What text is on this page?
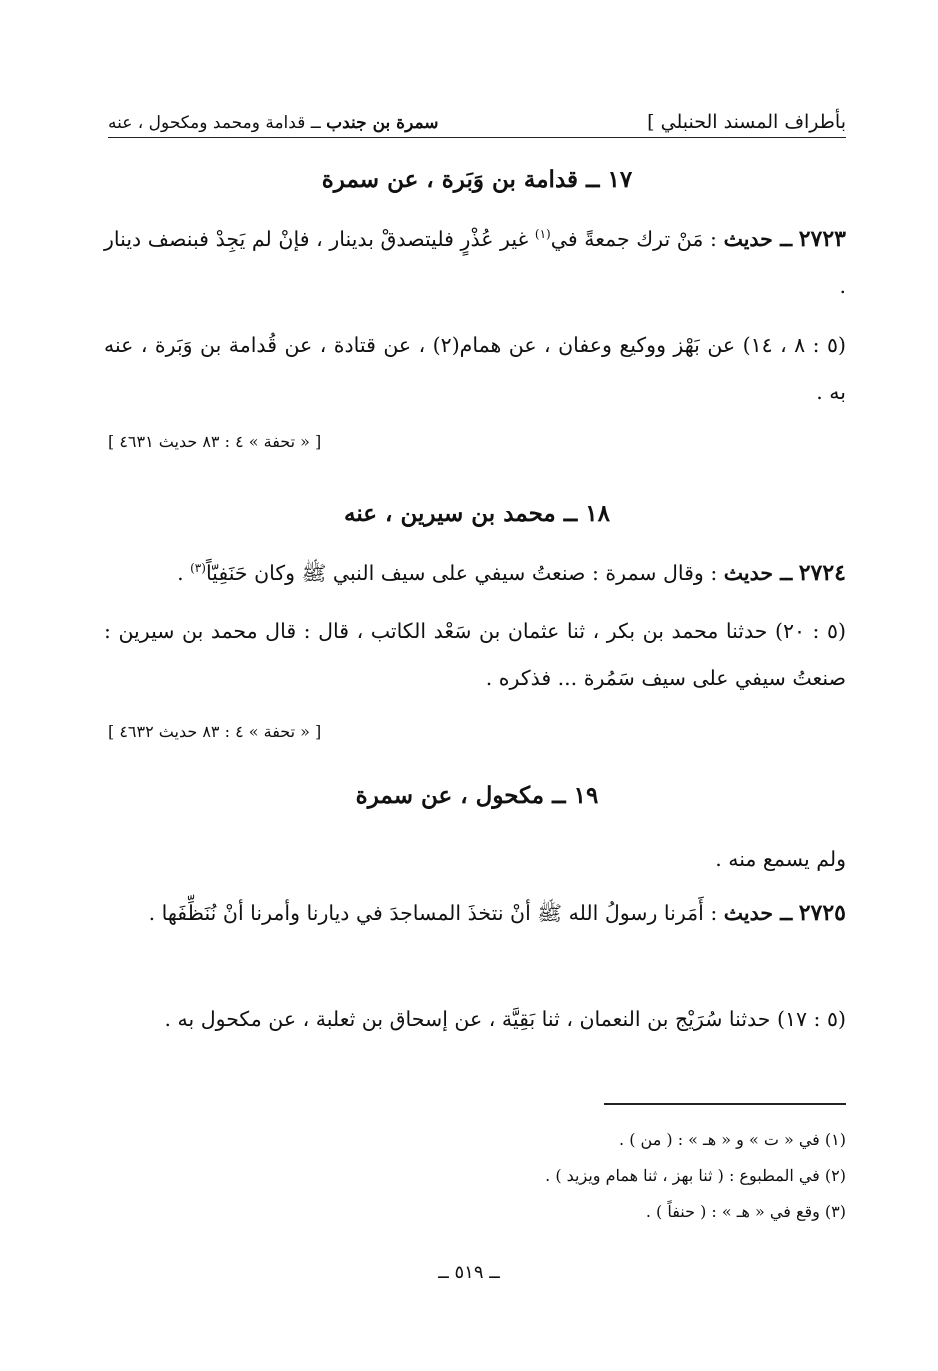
بأطراف المسند الحنبلي ]
سمرة بن جندب ــ قدامة ومحمد ومكحول ، عنه
١٧ ــ قدامة بن وَبَرة ، عن سمرة
٢٧٢٣ ــ حديث : مَنْ ترك جمعةً في$^{(١)}$ غير عُذْرٍ فليتصدقْ بدينار ، فإنْ لم يَجِدْ فبنصف دينار .
(٥ : ٨ ، ١٤) عن بَهْز ووكيع وعفان ، عن همام(٢) ، عن قتادة ، عن قُدامة بن وَبَرة ، عنه به .
[ « تحفة » ٤ : ٨٣ حديث ٤٦٣١ ]
١٨ ــ محمد بن سيرين ، عنه
٢٧٢٤ ــ حديث : وقال سمرة : صنعتُ سيفي على سيف النبي ﷺ وكان حَنَفِيّاً$^{(٣)}$ .
(٥ : ٢٠) حدثنا محمد بن بكر ، ثنا عثمان بن سَعْد الكاتب ، قال : قال محمد بن سيرين : صنعتُ سيفي على سيف سَمُرة ... فذكره .
[ « تحفة » ٤ : ٨٣ حديث ٤٦٣٢ ]
١٩ ــ مكحول ، عن سمرة
ولم يسمع منه .
٢٧٢٥ ــ حديث : أَمَرنا رسولُ الله ﷺ أنْ نتخذَ المساجدَ في ديارنا وأمرنا أنْ نُنَظِّفَها .
(٥ : ١٧) حدثنا سُرَيْج بن النعمان ، ثنا بَقِيَّة ، عن إسحاق بن ثعلبة ، عن مكحول به .
(١) في « ت » و « هـ » : ( من ) .
(٢) في المطبوع : ( ثنا بهز ، ثنا همام ويزيد ) .
(٣) وقع في « هـ » : ( حنفاً ) .
ــ ٥١٩ ــ
